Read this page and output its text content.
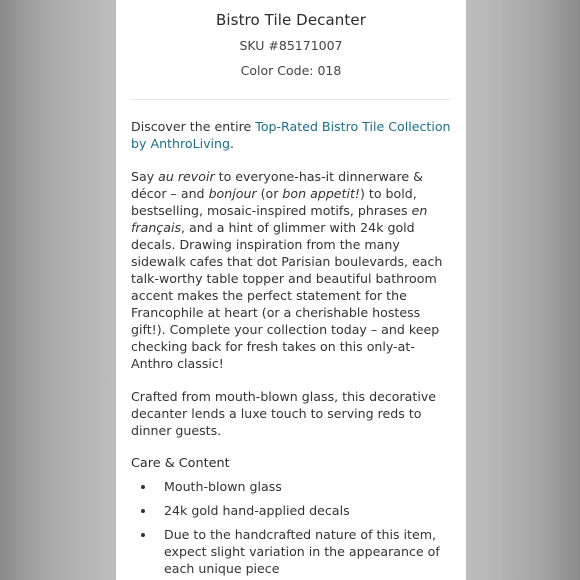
Bistro Tile Decanter
SKU #85171007
Color Code: 018

Discover the entire Top-Rated Bistro Tile Collection by AnthroLiving.

Say au revoir to everyone-has-it dinnerware & décor – and bonjour (or bon appetit!) to bold, bestselling, mosaic-inspired motifs, phrases en français, and a hint of glimmer with 24k gold decals. Drawing inspiration from the many sidewalk cafes that dot Parisian boulevards, each talk-worthy table topper and beautiful bathroom accent makes the perfect statement for the Francophile at heart (or a cherishable hostess gift!). Complete your collection today – and keep checking back for fresh takes on this only-at-Anthro classic!

Crafted from mouth-blown glass, this decorative decanter lends a luxe touch to serving reds to dinner guests.

Care & Content
Mouth-blown glass
24k gold hand-applied decals
Due to the handcrafted nature of this item, expect slight variation in the appearance of each unique piece
